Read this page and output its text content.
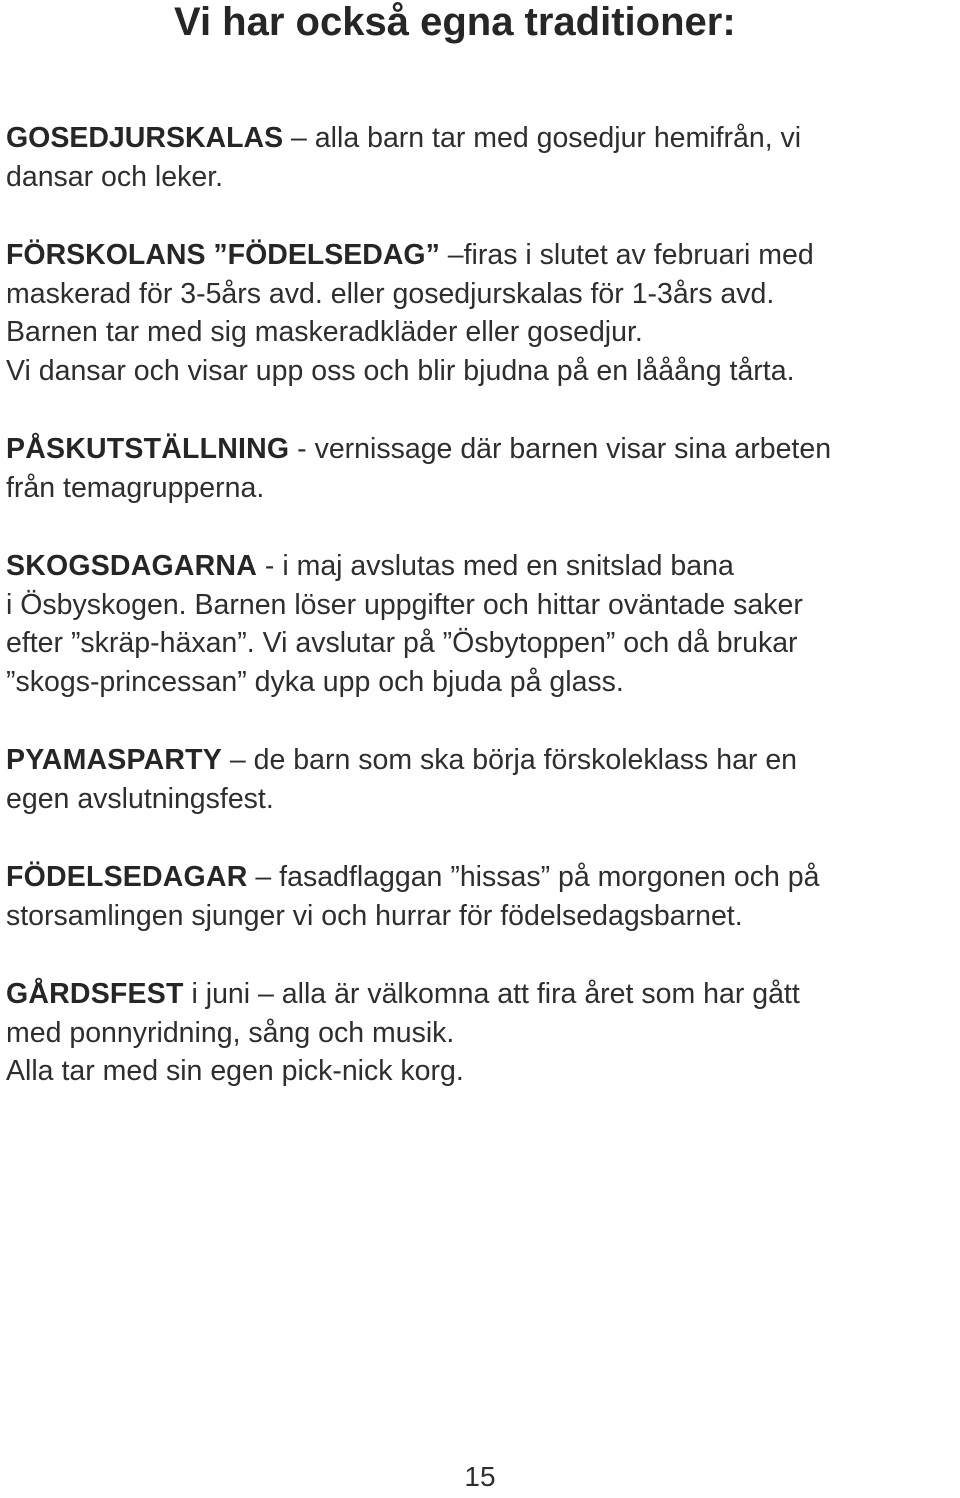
Vi har också egna traditioner:
GOSEDJURSKALAS – alla barn tar med gosedjur hemifrån, vi
dansar och leker.
FÖRSKOLANS ”FÖDELSEDAG” –firas i slutet av februari med
maskerad för 3-5års avd. eller gosedjurskalas för 1-3års avd.
Barnen tar med sig maskeradkläder eller gosedjur.
Vi dansar och visar upp oss och blir bjudna på en lååång tårta.
PÅSKUTSTÄLLNING - vernissage där barnen visar sina arbeten
från temagrupperna.
SKOGSDAGARNA - i maj avslutas med en snitslad bana
i Ösbyskogen. Barnen löser uppgifter och hittar oväntade saker
efter ”skräp-häxan”. Vi avslutar på ”Ösbytoppen” och då brukar
”skogs-princessan” dyka upp och bjuda på glass.
PYAMASPARTY – de barn som ska börja förskoleklass har en
egen avslutningsfest.
FÖDELSEDAGAR – fasadflaggan ”hissas” på morgonen och på
storsamlingen sjunger vi och hurrar för födelsedagsbarnet.
GÅRDSFEST i juni – alla är välkomna att fira året som har gått
med ponnyridning, sång och musik.
Alla tar med sin egen pick-nick korg.
15
